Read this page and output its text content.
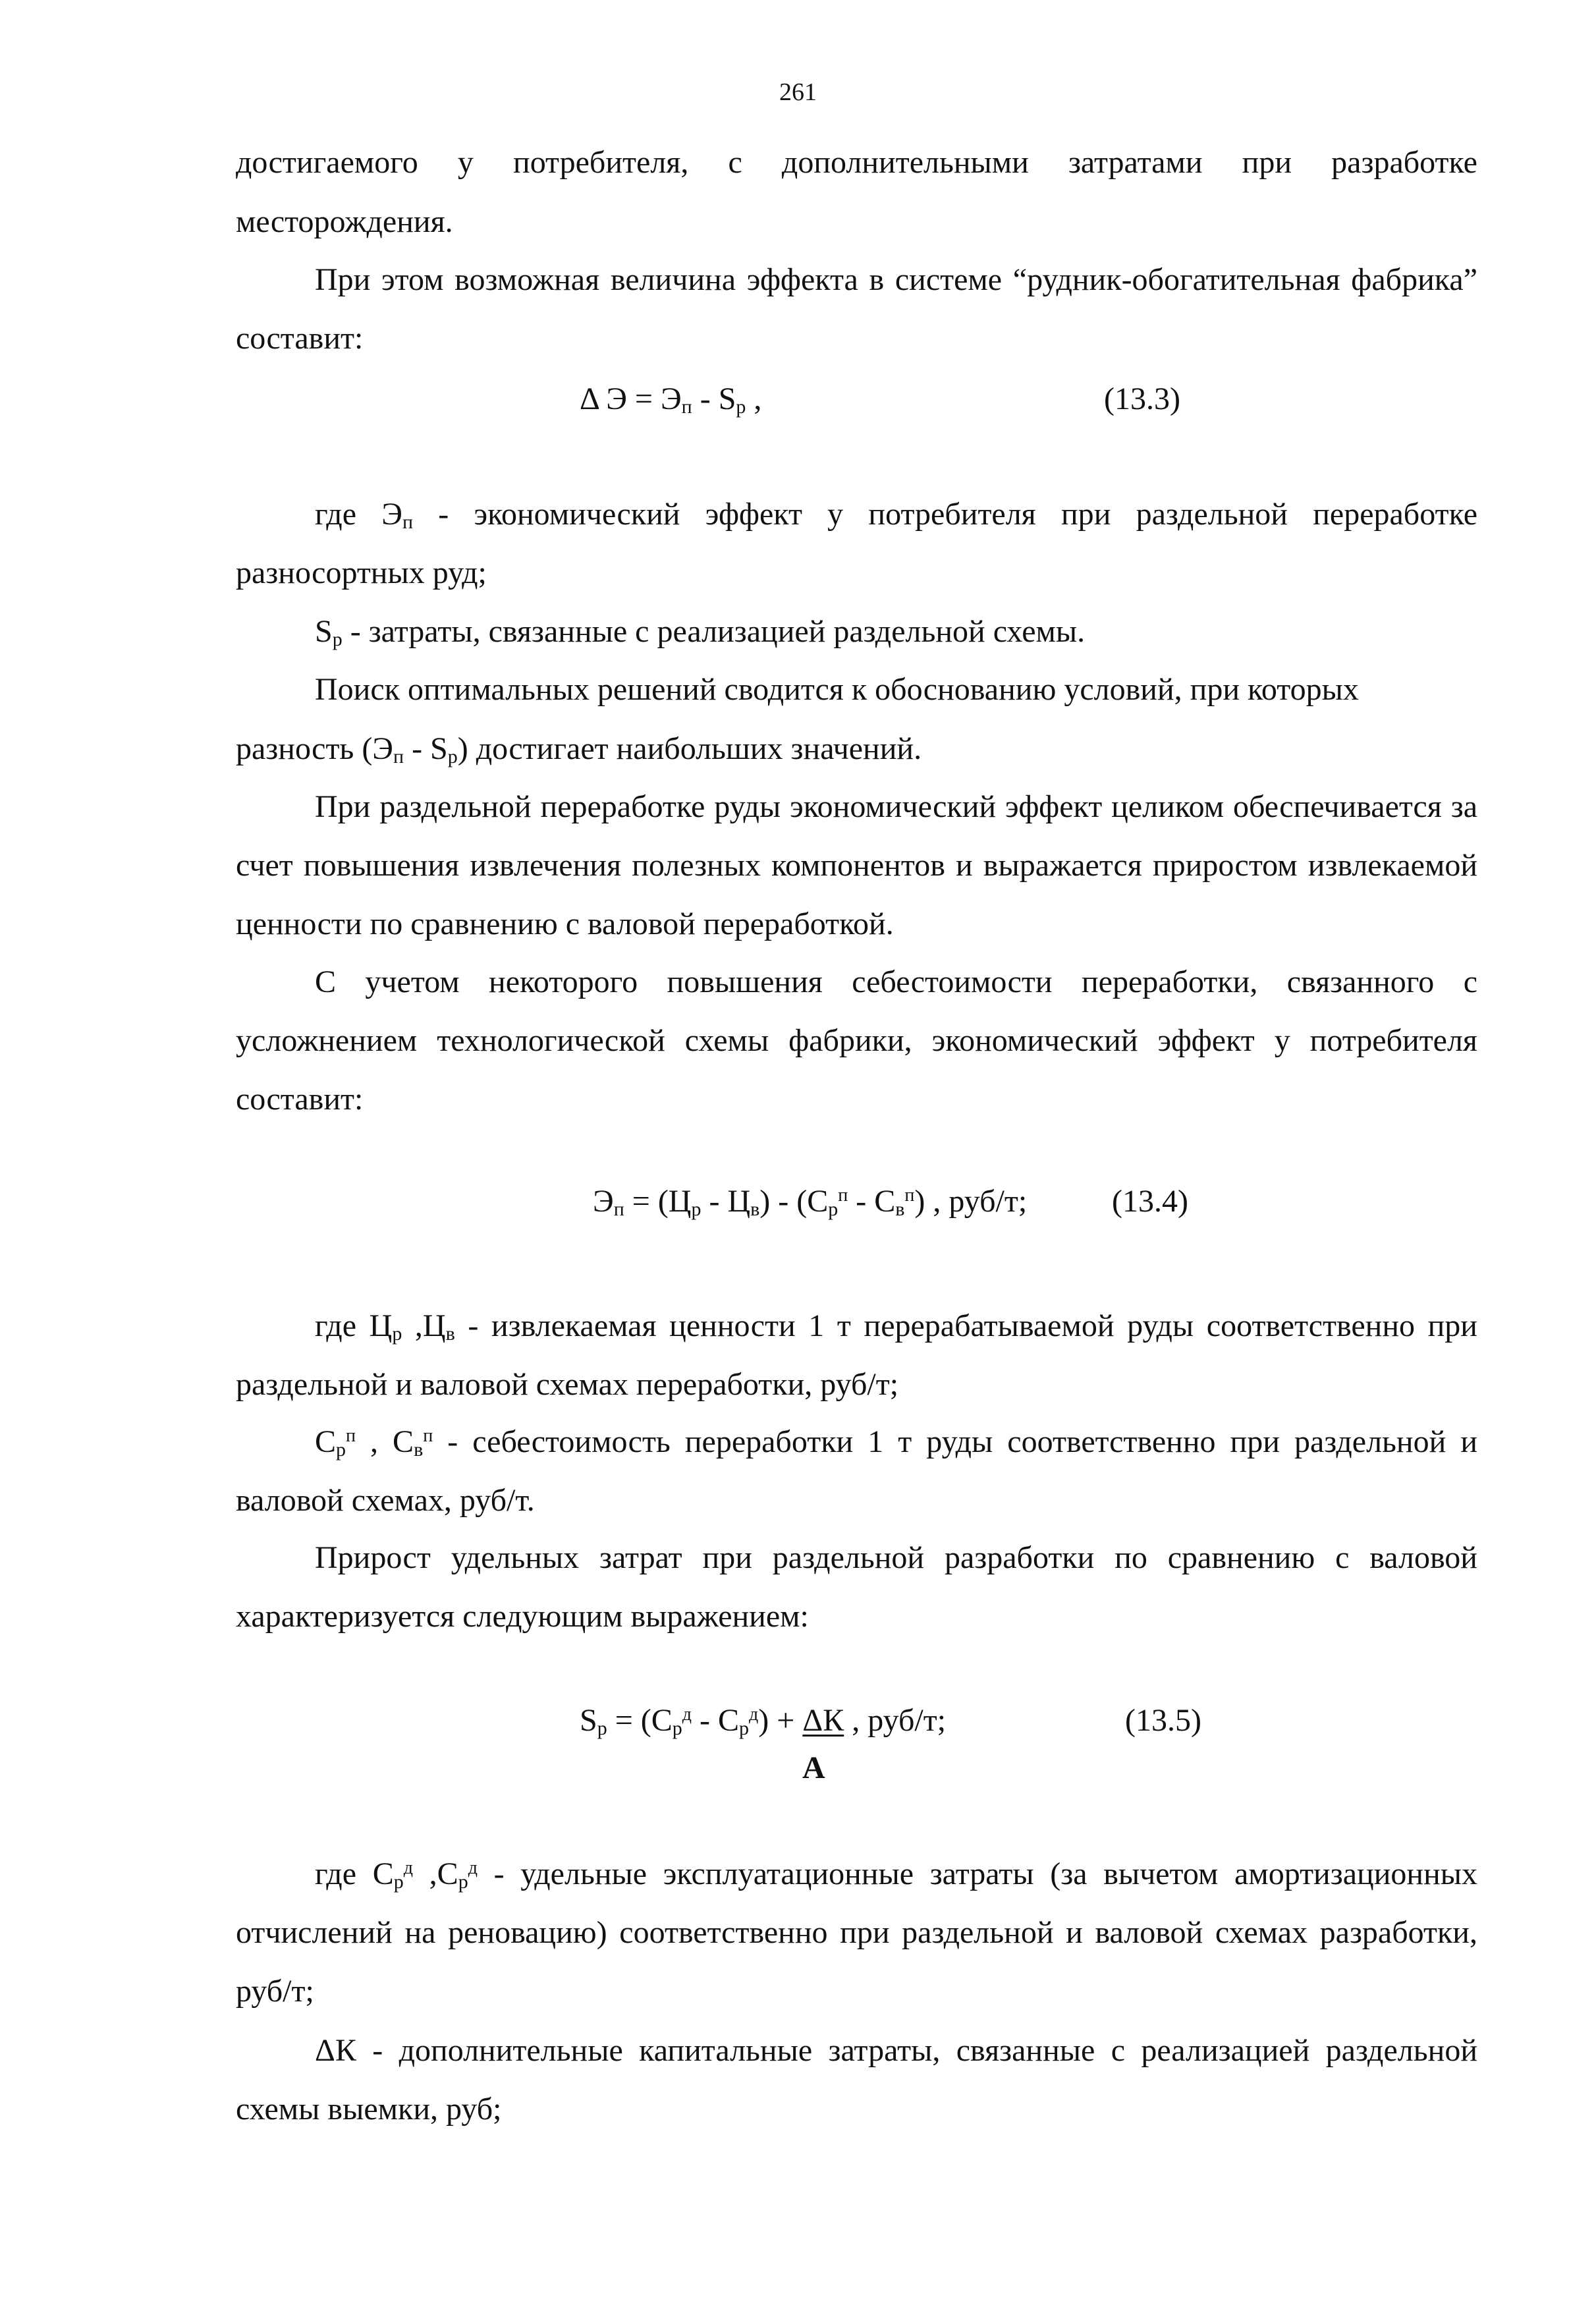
261
достигаемого у потребителя, с дополнительными затратами при разработке
месторождения.
При этом возможная величина эффекта в системе “рудник-обогатительная фабрика” составит:
Δ $Э = Э_п - S_р$ ,	(13.3)
где $Э_п$ - экономический эффект у потребителя при раздельной переработке разносортных руд;
$S_р$ - затраты, связанные с реализацией раздельной схемы.
Поиск оптимальных решений сводится к обоснованию условий, при которых
разность $(Э_п - S_р)$ достигает наибольших значений.
При раздельной переработке руды экономический эффект целиком обеспечивается за счет повышения извлечения полезных компонентов и выражается приростом извлекаемой ценности по сравнению с валовой переработкой.
С учетом некоторого повышения себестоимости переработки, связанного с усложнением технологической схемы фабрики, экономический эффект у потребителя составит:
$Э_п = (Ц_р - Ц_в) - (С_р^п - С_в^п)$ , руб/т;	(13.4)
где $Ц_р$ $,Ц_в$ - извлекаемая ценности 1 т перерабатываемой руды соответственно при раздельной и валовой схемах переработки, руб/т;
$С_р^п$ , $С_в^п$ - себестоимость переработки 1 т руды соответственно при раздельной и валовой схемах, руб/т.
Прирост удельных затрат при раздельной разработки по сравнению с валовой характеризуется следующим выражением:
$S_р = (С_р^д - С_р^д) + \Delta К$ , руб/т;
А
(13.5)
где $С_р^д$ $,С_р^д$ - удельные эксплуатационные затраты (за вычетом амортизационных отчислений на реновацию) соответственно при раздельной и валовой схемах разработки, руб/т;
ΔК - дополнительные капитальные затраты, связанные с реализацией раздельной схемы выемки, руб;
